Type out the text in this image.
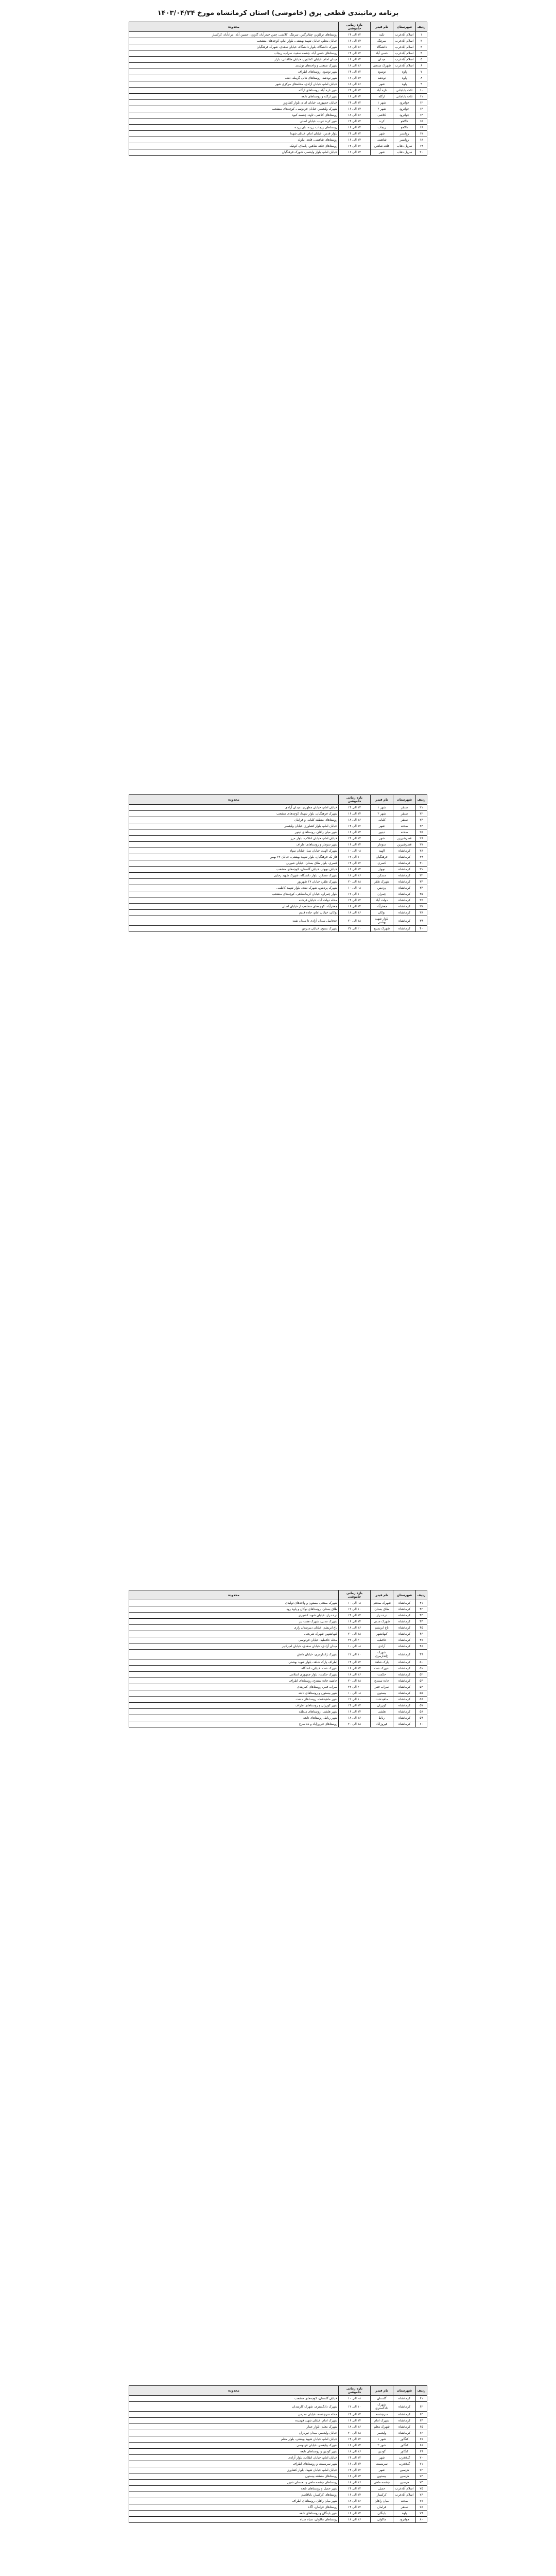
برنامه زمانبندی قطعی برق (خاموشی) استان کرمانشاه مورخ ۱۴۰۳/۰۴/۲۴
ردیف	شهرستان	نام فیدر	بازه زمانی خاموشی	محدوده
۱	اسلام آبادغرب	تکیه	۱۲ الی ۱۴	روستاهای ترکاویز، چقانرگس، سرتنگ، کلاشی، چمن حیدرآباد، گاوزن، حسین آباد، مرادآباد، کرکسار
۲	اسلام آبادغرب	سرتنگ	۱۴ الی ۱۶	خیابان معلم، خیابان شهید بهشتی، بلوار امام، کوچه‌های منشعب
۳	اسلام آبادغرب	دانشگاه	۱۶ الی ۱۸	شهرک دانشگاه، بلوار دانشگاه، خیابان سعدی، شهرک فرهنگیان
۴	اسلام آبادغرب	حسن آباد	۱۲ الی ۱۴	روستاهای حسن آباد، چشمه سفید، سراب، ریجاب
۵	اسلام آبادغرب	میدان	۱۴ الی ۱۶	میدان امام، خیابان کشاورز، خیابان طالقانی، بازار
۶	اسلام آبادغرب	شهرک صنعتی	۱۶ الی ۱۸	شهرک صنعتی و واحدهای تولیدی
۷	پاوه	نوسود	۱۲ الی ۱۴	شهر نوسود، روستاهای اطراف
۸	پاوه	نودشه	۱۴ الی ۱۶	شهر نودشه، روستاهای هانی گرملە، دشه
۹	پاوه	شهر	۱۶ الی ۱۸	خیابان امام، خیابان آزادی، محله‌های مرکزی شهر
۱۰	ثلاث باباجانی	تازه آباد	۱۲ الی ۱۴	شهر تازه آباد، روستاهای ازگله
۱۱	ثلاث باباجانی	ازگله	۱۴ الی ۱۶	شهر ازگله و روستاهای تابعه
۱۲	جوانرود	شهر ۱	۱۲ الی ۱۴	خیابان جمهوری، خیابان امام، بلوار کشاورز
۱۳	جوانرود	شهر ۲	۱۴ الی ۱۶	شهرک ولیعصر، خیابان فردوسی، کوچه‌های منشعب
۱۴	جوانرود	کلاشی	۱۶ الی ۱۸	روستاهای کلاشی، تاوه، چشمه کبود
۱۵	دالاهو	کرند	۱۲ الی ۱۴	شهر کرند غرب، خیابان اصلی
۱۶	دالاهو	ریجاب	۱۴ الی ۱۶	روستاهای ریجاب، زرده، بان زرده
۱۷	روانسر	شهر	۱۲ الی ۱۴	بلوار قدس، خیابان امام، خیابان شهدا
۱۸	روانسر	شاهینی	۱۴ الی ۱۶	روستاهای شاهینی، قلعه، بیاوله
۱۹	سرپل ذهاب	قلعه شاهین	۱۲ الی ۱۴	روستاهای قلعه شاهین، پاطاق، کوئیک
۲۰	سرپل ذهاب	شهر	۱۴ الی ۱۶	خیابان امام، بلوار ولیعصر، شهرک فرهنگیان
ردیف	شهرستان	نام فیدر	بازه زمانی خاموشی	محدوده
۲۱	سنقر	شهر ۱	۱۲ الی ۱۴	خیابان امام، خیابان مطهری، میدان آزادی
۲۲	سنقر	شهر ۲	۱۴ الی ۱۶	شهرک فرهنگیان، بلوار شهدا، کوچه‌های منشعب
۲۳	سنقر	کلیایی	۱۶ الی ۱۸	روستاهای منطقه کلیایی و فرامان
۲۴	صحنه	شهر	۱۲ الی ۱۴	خیابان امام، بلوار کشاورز، خیابان ولیعصر
۲۵	صحنه	دینور	۱۴ الی ۱۶	شهر میان راهان، روستاهای دینور
۲۶	قصرشیرین	شهر	۱۲ الی ۱۴	خیابان امام، خیابان انقلاب، بلوار مرز
۲۷	قصرشیرین	سومار	۱۴ الی ۱۶	شهر سومار و روستاهای اطراف
۲۸	کرمانشاه	الهیه	۰۸ الی ۱۰	شهرک الهیه، خیابان صبا، خیابان سپاه
۲۹	کرمانشاه	فرهنگیان	۱۰ الی ۱۲	فاز یک فرهنگیان، بلوار شهید بهشتی، خیابان ۲۲ بهمن
۳۰	کرمانشاه	کسری	۱۲ الی ۱۴	کسری، بلوار طاق بستان، خیابان شیرین
۳۱	کرمانشاه	نوبهار	۱۴ الی ۱۶	خیابان نوبهار، خیابان گلستان، کوچه‌های منشعب
۳۲	کرمانشاه	مسکن	۱۶ الی ۱۸	شهرک مسکن، بلوار دانشگاه، شهرک شهید رجایی
۳۳	کرمانشاه	شهرک ظفر	۱۸ الی ۲۰	شهرک ظفر، خیابان ۱۷ شهریور
۳۴	کرمانشاه	پردیس	۰۸ الی ۱۰	شهرک پردیس، شهرک نفت، بلوار شهید کاظمی
۳۵	کرمانشاه	چمران	۱۰ الی ۱۲	بلوار چمران، خیابان کرمانشاهی، کوچه‌های منشعب
۳۶	کرمانشاه	دولت آباد	۱۲ الی ۱۴	محله دولت آباد، خیابان فرشته
۳۷	کرمانشاه	جعفرآباد	۱۴ الی ۱۶	جعفرآباد، کوچه‌های منشعب از خیابان اصلی
۳۸	کرمانشاه	نوکان	۱۶ الی ۱۸	نوکان، خیابان امام، جاده قدیم
۳۹	کرمانشاه	بلوار شهید بهشتی	۱۸ الی ۲۰	حدفاصل میدان آزادی تا میدان نفت
۴۰	کرمانشاه	شهرک بسیج	۲۰ الی ۲۲	شهرک بسیج، خیابان مدرس
ردیف	شهرستان	نام فیدر	بازه زمانی خاموشی	محدوده
۴۱	کرمانشاه	شهرک صنعتی	۰۸ الی ۱۰	شهرک صنعتی بیستون و واحدهای تولیدی
۴۲	کرمانشاه	طاق بستان	۱۰ الی ۱۲	طاق بستان، روستاهای نوکان و پاوه رود
۴۳	کرمانشاه	دره دراز	۱۲ الی ۱۴	دره دراز، خیابان شهید کشوری
۴۴	کرمانشاه	شهرک مدنی	۱۴ الی ۱۶	شهرک مدنی، شهرک هفت تیر
۴۵	کرمانشاه	باغ ابریشم	۱۶ الی ۱۸	باغ ابریشم، خیابان دبیرستان رازی
۴۶	کرمانشاه	کیهانشهر	۱۸ الی ۲۰	کیهانشهر، شهرک شریعتی
۴۷	کرمانشاه	حافظیه	۲۰ الی ۲۲	محله حافظیه، خیابان فردوسی
۴۸	کرمانشاه	آزادی	۰۸ الی ۱۰	میدان آزادی، خیابان سعدی، خیابان امیرکبیر
۴۹	کرمانشاه	شهرک ژاندارمری	۱۰ الی ۱۲	شهرک ژاندارمری، خیابان دانش
۵۰	کرمانشاه	پارک شاهد	۱۲ الی ۱۴	اطراف پارک شاهد، بلوار شهید بهشتی
۵۱	کرمانشاه	شهرک نفت	۱۴ الی ۱۶	شهرک نفت، خیابان دانشگاه
۵۲	کرمانشاه	حکمت	۱۶ الی ۱۸	شهرک حکمت، بلوار جمهوری اسلامی
۵۳	کرمانشاه	جاده سنندج	۱۸ الی ۲۰	حاشیه جاده سنندج، روستاهای اطراف
۵۴	کرمانشاه	سراب قنبر	۲۰ الی ۲۲	سراب قنبر، روستاهای کمربندی
۵۵	کرمانشاه	بیستون	۰۸ الی ۱۰	شهر بیستون و روستاهای تابعه
۵۶	کرمانشاه	ماهیدشت	۱۰ الی ۱۲	شهر ماهیدشت، روستاهای دشت
۵۷	کرمانشاه	کوزران	۱۲ الی ۱۴	شهر کوزران و روستاهای اطراف
۵۸	کرمانشاه	هلشی	۱۴ الی ۱۶	شهر هلشی، روستاهای منطقه
۵۹	کرمانشاه	رباط	۱۶ الی ۱۸	شهر رباط، روستاهای تابعه
۶۰	کرمانشاه	فیروزآباد	۱۸ الی ۲۰	روستاهای فیروزآباد و ده سرخ
ردیف	شهرستان	نام فیدر	بازه زمانی خاموشی	محدوده
۶۱	کرمانشاه	گلستان	۰۸ الی ۱۰	خیابان گلستان، کوچه‌های منشعب
۶۲	کرمانشاه	شهرک دادگستری	۱۰ الی ۱۲	شهرک دادگستری، شهرک کارمندان
۶۳	کرمانشاه	سرچشمه	۱۲ الی ۱۴	محله سرچشمه، خیابان مدرس
۶۴	کرمانشاه	شهرک امام	۱۴ الی ۱۶	شهرک امام، خیابان شهید فهمیده
۶۵	کرمانشاه	شهرک معلم	۱۶ الی ۱۸	شهرک معلم، بلوار عمار
۶۶	کرمانشاه	ولیعصر	۱۸ الی ۲۰	خیابان ولیعصر، میدان تیرباران
۶۷	کنگاور	شهر ۱	۱۲ الی ۱۴	خیابان امام، خیابان شهید بهشتی، بلوار معلم
۶۸	کنگاور	شهر ۲	۱۴ الی ۱۶	شهرک ولیعصر، خیابان فردوسی
۶۹	کنگاور	گودین	۱۶ الی ۱۸	شهر گودین و روستاهای تابعه
۷۰	گیلانغرب	شهر	۱۲ الی ۱۴	خیابان امام، خیابان انقلاب، بلوار آزادی
۷۱	گیلانغرب	سرمست	۱۴ الی ۱۶	شهر سرمست و روستاهای اطراف
۷۲	هرسین	شهر	۱۲ الی ۱۴	خیابان امام، خیابان شهدا، بلوار کشاورز
۷۳	هرسین	بیستون	۱۴ الی ۱۶	روستاهای منطقه بیستون
۷۴	هرسین	چشمه ماهی	۱۶ الی ۱۸	روستاهای چشمه ماهی و دهستان شیزر
۷۵	اسلام آبادغرب	حمیل	۱۲ الی ۱۴	شهر حمیل و روستاهای تابعه
۷۶	اسلام آبادغرب	کرکسار	۱۴ الی ۱۶	روستاهای کرکسار، باباقاسم
۷۷	صحنه	میان راهان	۱۶ الی ۱۸	شهر میان راهان، روستاهای اطراف
۷۸	سنقر	فرامان	۱۲ الی ۱۴	روستاهای فرامان، آگاه
۷۹	پاوه	باینگان	۱۴ الی ۱۶	شهر باینگان و روستاهای تابعه
۸۰	جوانرود	ماکوان	۱۶ الی ۱۸	روستاهای ماکوان، سیاه سیاه
